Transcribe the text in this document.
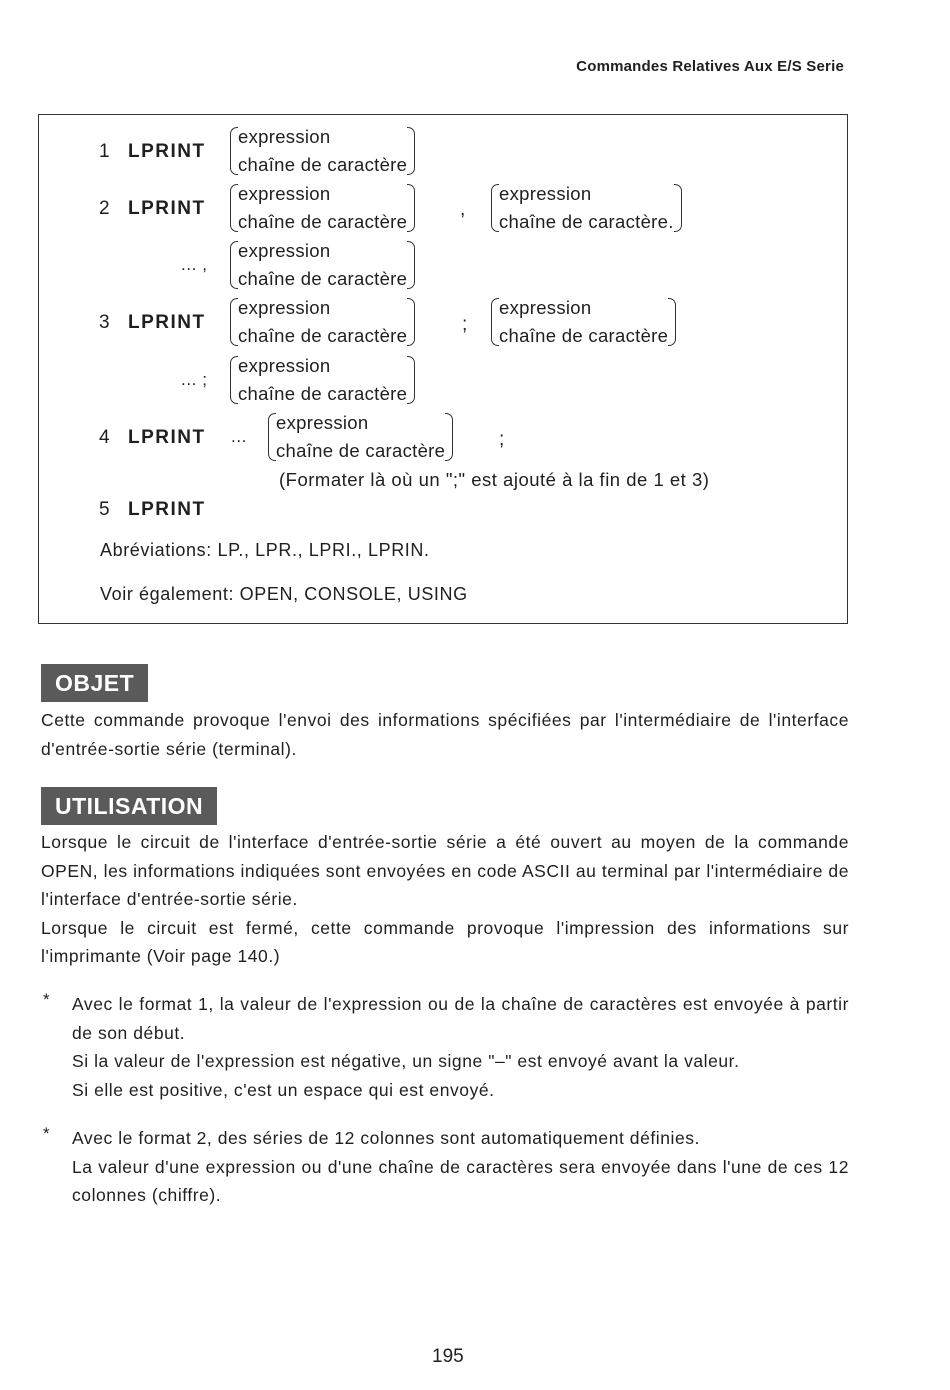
Commandes Relatives Aux E/S Serie
1 LPRINT
expression
chaîne de caractère
2 LPRINT
expression
chaîne de caractère
,
expression
chaîne de caractère.
... ,
expression
chaîne de caractère
3 LPRINT
expression
chaîne de caractère
;
expression
chaîne de caractère
... ;
expression
chaîne de caractère
4 LPRINT ...
expression
chaîne de caractère
;
(Formater là où un ";" est ajouté à la fin de 1 et 3)
5 LPRINT
Abréviations: LP., LPR., LPRI., LPRIN.
Voir également: OPEN, CONSOLE, USING
OBJET

Cette commande provoque l'envoi des informations spécifiées par l'intermédiaire de l'interface d'entrée-sortie série (terminal).

UTILISATION

Lorsque le circuit de l'interface d'entrée-sortie série a été ouvert au moyen de la commande OPEN, les informations indiquées sont envoyées en code ASCII au terminal par l'intermédiaire de l'interface d'entrée-sortie série.

Lorsque le circuit est fermé, cette commande provoque l'impression des informations sur l'imprimante (Voir page 140.)

* Avec le format 1, la valeur de l'expression ou de la chaîne de caractères est envoyée à partir de son début.

Si la valeur de l'expression est négative, un signe "–" est envoyé avant la valeur.

Si elle est positive, c'est un espace qui est envoyé.

* Avec le format 2, des séries de 12 colonnes sont automatiquement définies.

La valeur d'une expression ou d'une chaîne de caractères sera envoyée dans l'une de ces 12 colonnes (chiffre).

195
